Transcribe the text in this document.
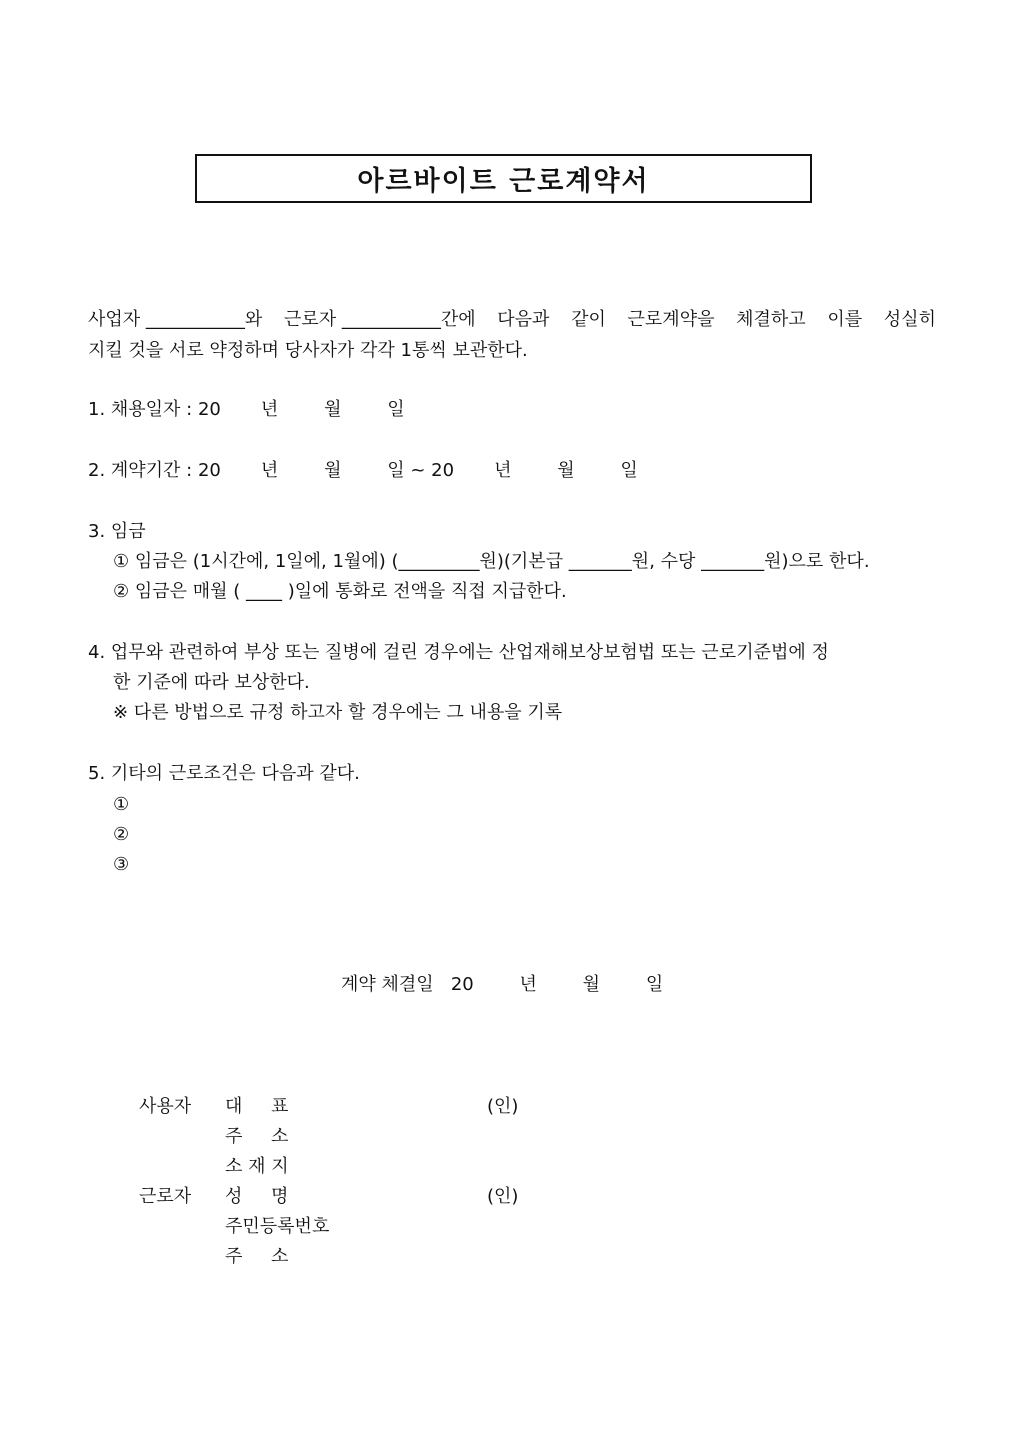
아르바이트 근로계약서
사업자 ___________와 근로자 ___________간에 다음과 같이 근로계약을 체결하고 이를 성실히
지킬 것을 서로 약정하며 당사자가 각각 1통씩 보관한다.
1. 채용일자 : 20       년        월        일
2. 계약기간 : 20       년        월        일 ~ 20       년        월        일
3. 임금
① 임금은 (1시간에, 1일에, 1월에) (_________원)(기본급 _______원, 수당 _______원)으로 한다.
② 임금은 매월 ( ____ )일에 통화로 전액을 직접 지급한다.
4. 업무와 관련하여 부상 또는 질병에 걸린 경우에는 산업재해보상보험법 또는 근로기준법에 정
한 기준에 따라 보상한다.
※ 다른 방법으로 규정 하고자 할 경우에는 그 내용을 기록
5. 기타의 근로조건은 다음과 같다.
①
②
③
계약 체결일   20        년        월        일
사용자 대     표	(인)
주     소
소 재 지
근로자 성     명	(인)
주민등록번호
주     소
